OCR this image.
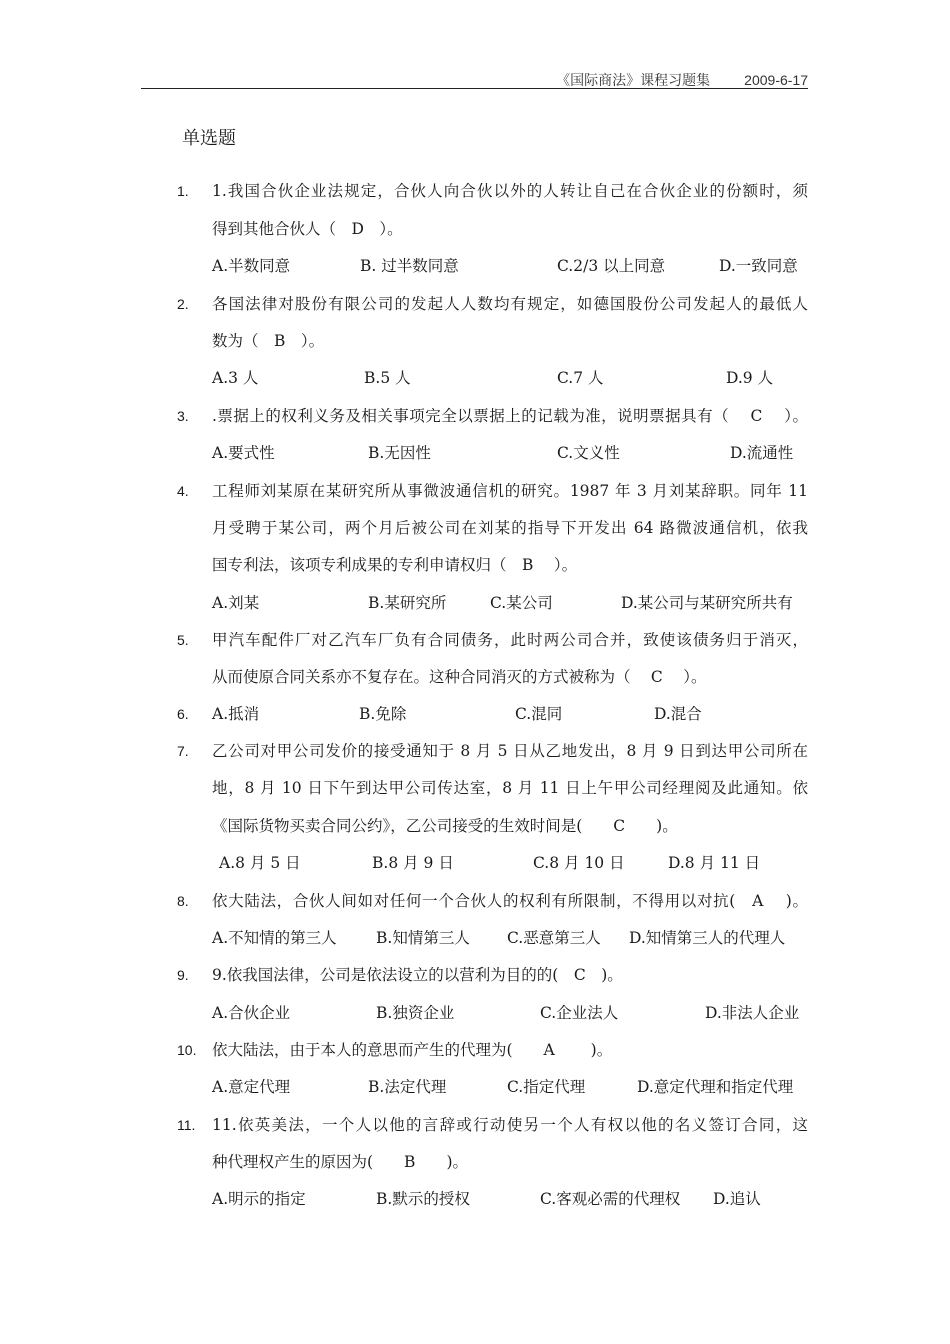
《国际商法》课程习题集 2009-6-17
单选题
1.	1.我国合伙企业法规定，合伙人向合伙以外的人转让自己在合伙企业的份额时，须
得到其他合伙人（　D　）。
A.半数同意	B. 过半数同意	C.2/3 以上同意	D.一致同意
2.	各国法律对股份有限公司的发起人人数均有规定，如德国股份公司发起人的最低人
数为（　B　）。
A.3 人	B.5 人	C.7 人	D.9 人
3.	.票据上的权利义务及相关事项完全以票据上的记载为准，说明票据具有（　 C　 ）。
A.要式性	B.无因性	C.文义性	D.流通性
4.	工程师刘某原在某研究所从事微波通信机的研究。1987 年 3 月刘某辞职。同年 11
月受聘于某公司，两个月后被公司在刘某的指导下开发出 64 路微波通信机，依我
国专利法，该项专利成果的专利申请权归（　B　 ）。
A.刘某	B.某研究所	C.某公司	D.某公司与某研究所共有
5.	甲汽车配件厂对乙汽车厂负有合同债务，此时两公司合并，致使该债务归于消灭，
从而使原合同关系亦不复存在。这种合同消灭的方式被称为（　 C　 ）。
6.	A.抵消	B.免除	C.混同	D.混合
7.	乙公司对甲公司发价的接受通知于 8 月 5 日从乙地发出，8 月 9 日到达甲公司所在
地，8 月 10 日下午到达甲公司传达室，8 月 11 日上午甲公司经理阅及此通知。依
《国际货物买卖合同公约》，乙公司接受的生效时间是(　　C　　)。
A.8 月 5 日	B.8 月 9 日	C.8 月 10 日	D.8 月 11 日
8.	依大陆法，合伙人间如对任何一个合伙人的权利有所限制，不得用以对抗(　A　 )。
A.不知情的第三人	B.知情第三人 C.恶意第三人 D.知情第三人的代理人
9.	9.依我国法律，公司是依法设立的以营利为目的的(　C　)。
A.合伙企业	B.独资企业	C.企业法人	D.非法人企业
10.	依大陆法，由于本人的意思而产生的代理为(　　A　　 )。
A.意定代理	B.法定代理	C.指定代理	D.意定代理和指定代理
11.	11.依英美法，一个人以他的言辞或行动使另一个人有权以他的名义签订合同，这
种代理权产生的原因为(　　B　　)。
A.明示的指定	B.默示的授权	C.客观必需的代理权 D.追认
